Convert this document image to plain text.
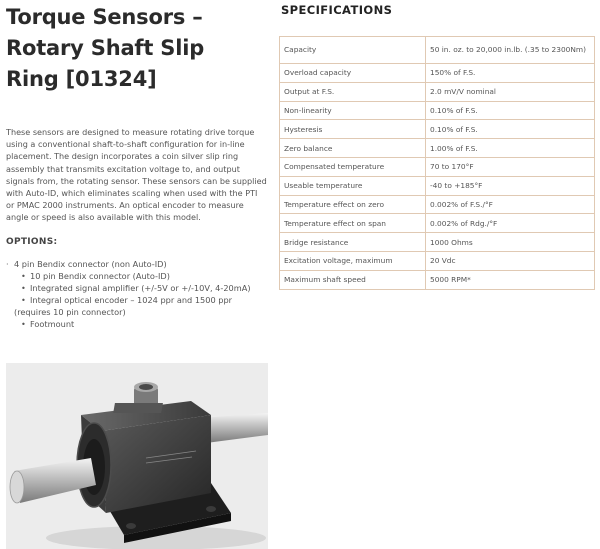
Torque Sensors –
Rotary Shaft Slip
Ring [01324]

These sensors are designed to measure rotating drive torque using a conventional shaft-to-shaft configuration for in-line placement. The design incorporates a coin silver slip ring assembly that transmits excitation voltage to, and output signals from, the rotating sensor. These sensors can be supplied with Auto-ID, which eliminates scaling when used with the PTI or PMAC 2000 instruments. An optical encoder to measure angle or speed is also available with this model.

OPTIONS:
· 4 pin Bendix connector (non Auto-ID)
• 10 pin Bendix connector (Auto-ID)
• Integrated signal amplifier (+/-5V or +/-10V, 4-20mA)
• Integral optical encoder – 1024 ppr and 1500 ppr
(requires 10 pin connector)
• Footmount
SPECIFICATIONS
Capacity	50 in. oz. to 20,000 in.lb. (.35 to 2300Nm)
Overload capacity	150% of F.S.
Output at F.S.	2.0 mV/V nominal
Non-linearity	0.10% of F.S.
Hysteresis	0.10% of F.S.
Zero balance	1.00% of F.S.
Compensated temperature	70 to 170°F
Useable temperature	-40 to +185°F
Temperature effect on zero	0.002% of F.S./°F
Temperature effect on span	0.002% of Rdg./°F
Bridge resistance	1000 Ohms
Excitation voltage, maximum	20 Vdc
Maximum shaft speed	5000 RPM*
